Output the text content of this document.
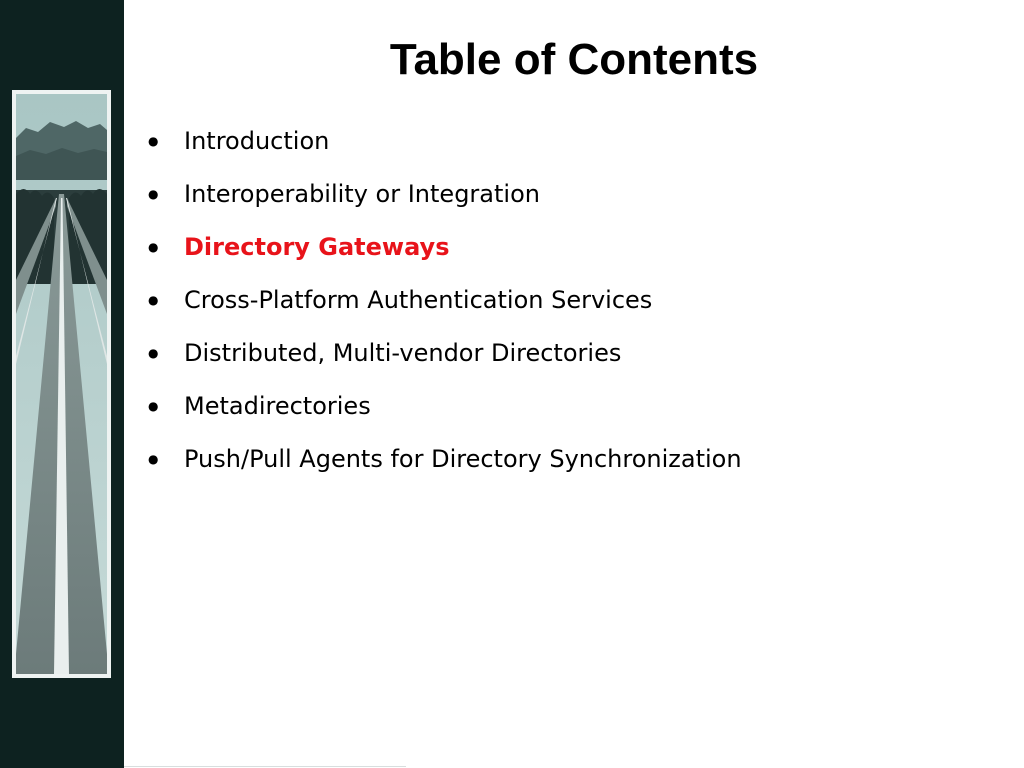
Table of Contents
●	Introduction
●	Interoperability or Integration
●	Directory Gateways
●	Cross-Platform Authentication Services
●	Distributed, Multi-vendor Directories
●	Metadirectories
●	Push/Pull Agents for Directory Synchronization
